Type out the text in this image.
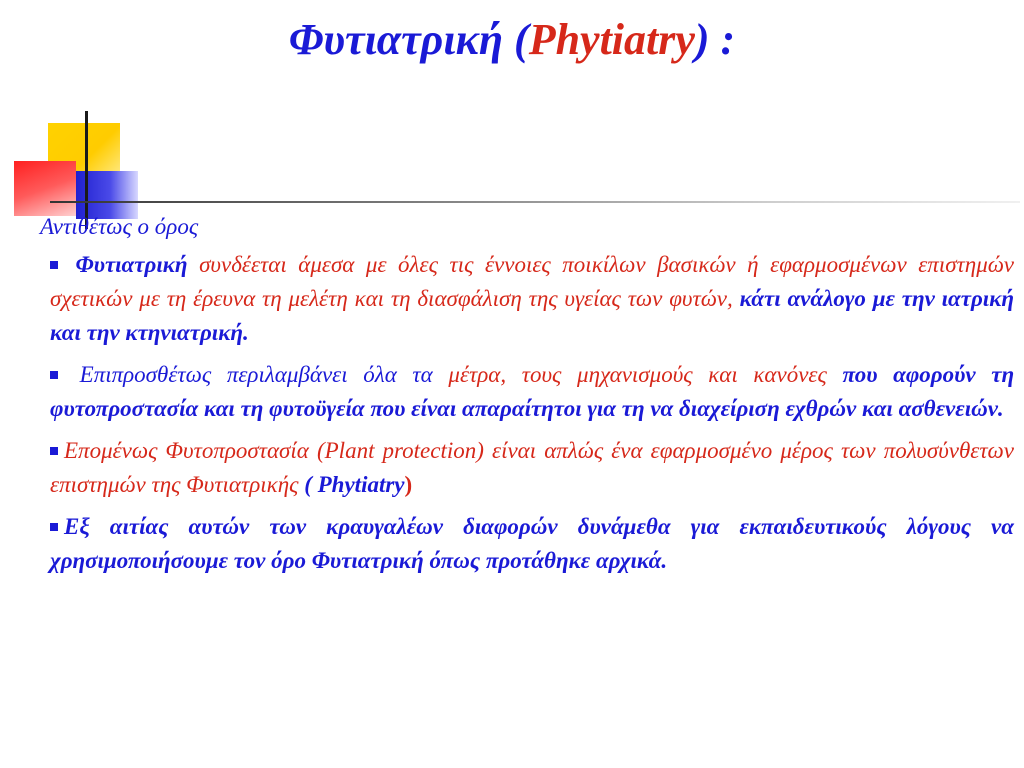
Φυτιατρική (Phytiatry) :
Αντιθέτως ο όρος
Φυτιατρική συνδέεται άμεσα με όλες τις έννοιες ποικίλων βασικών ή εφαρμοσμένων επιστημών σχετικών με τη έρευνα τη μελέτη και τη διασφάλιση της υγείας των φυτών, κάτι ανάλογο με την ιατρική και την κτηνιατρική.
Επιπροσθέτως περιλαμβάνει όλα τα μέτρα, τους μηχανισμούς και κανόνες που αφορούν τη φυτοπροστασία και τη φυτοϋγεία που είναι απαραίτητοι για τη να διαχείριση εχθρών και ασθενειών.
Επομένως Φυτοπροστασία (Plant protection) είναι απλώς ένα εφαρμοσμένο μέρος των πολυσύνθετων επιστημών της Φυτιατρικής ( Phytiatry)
Εξ αιτίας αυτών των κραυγαλέων διαφορών δυνάμεθα για εκπαιδευτικούς λόγους να χρησιμοποιήσουμε τον όρο Φυτιατρική όπως προτάθηκε αρχικά.
